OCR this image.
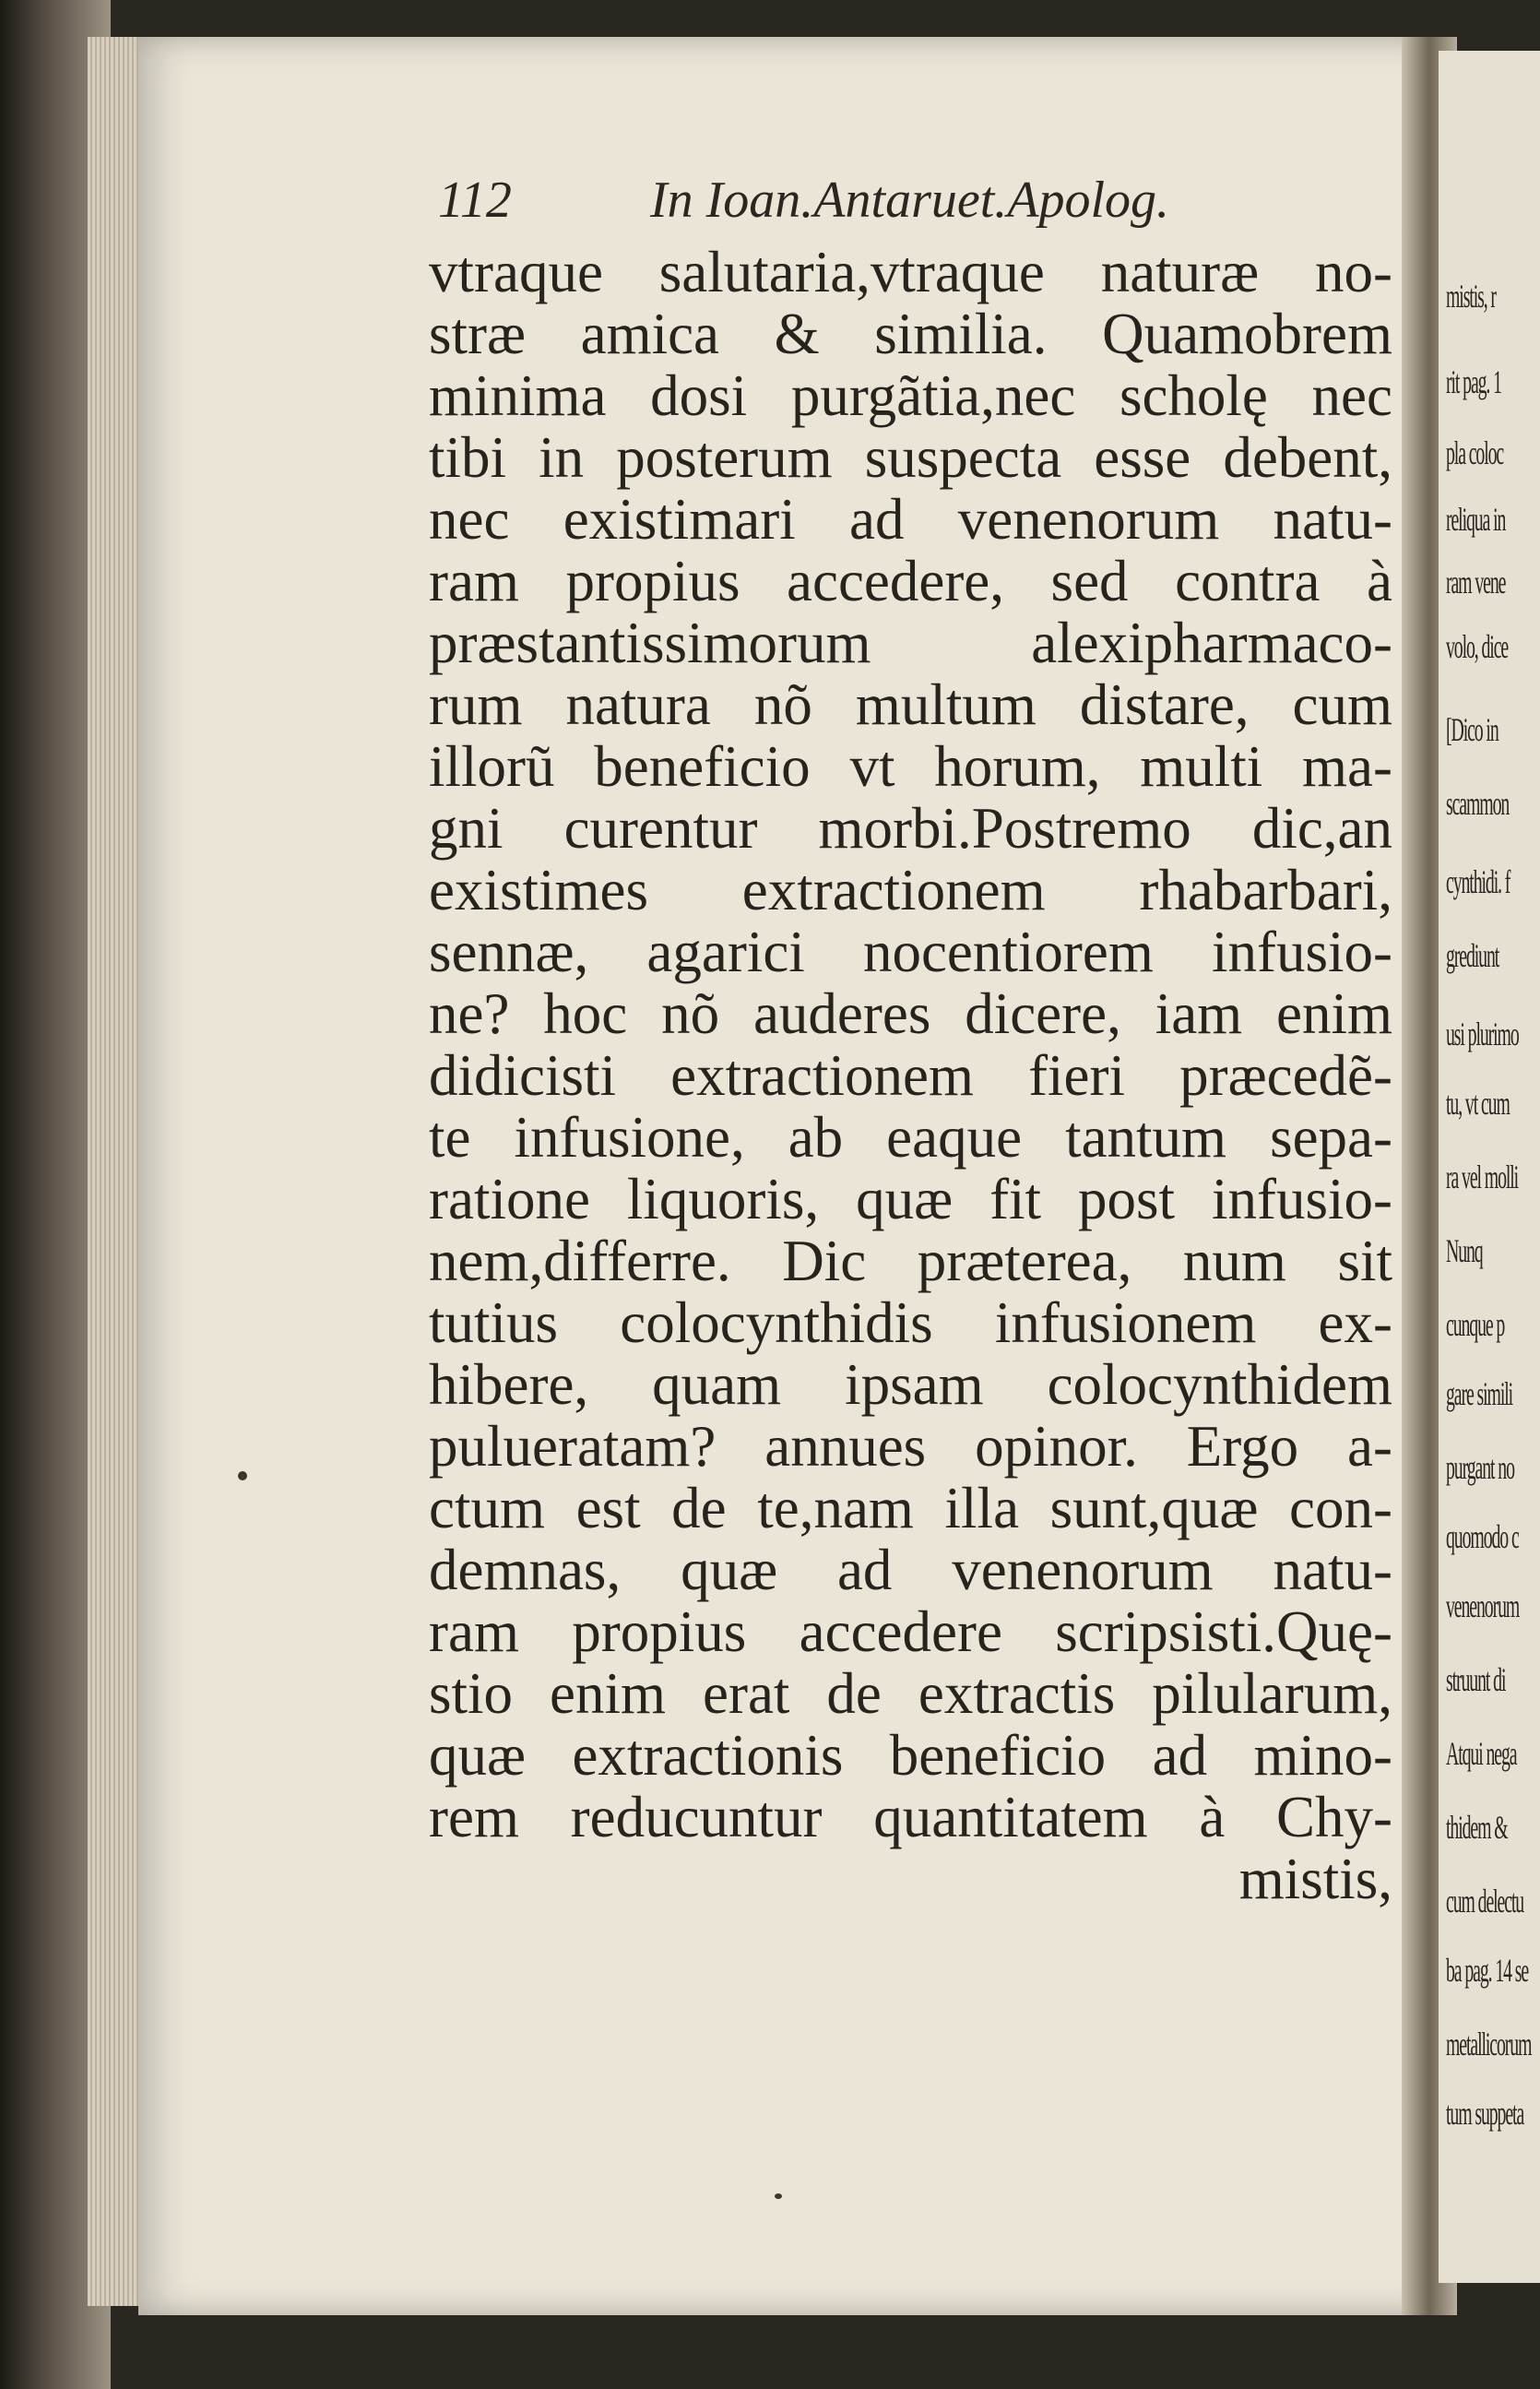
112	In Ioan.Antaruet.Apolog.
vtraque salutaria,vtraque naturæ no-
stræ amica & similia. Quamobrem
minima dosi purgãtia,nec scholę nec
tibi in posterum suspecta esse debent,
nec existimari ad venenorum natu-
ram propius accedere, sed contra à
præstantissimorum alexipharmaco-
rum natura nõ multum distare, cum
illorũ beneficio vt horum, multi ma-
gni curentur morbi.Postremo dic,an
existimes extractionem rhabarbari,
sennæ, agarici nocentiorem infusio-
ne? hoc nõ auderes dicere, iam enim
didicisti extractionem fieri præcedẽ-
te infusione, ab eaque tantum sepa-
ratione liquoris, quæ fit post infusio-
nem,differre. Dic præterea, num sit
tutius colocynthidis infusionem ex-
hibere, quam ipsam colocynthidem
pulueratam? annues opinor. Ergo a-
ctum est de te,nam illa sunt,quæ con-
demnas, quæ ad venenorum natu-
ram propius accedere scripsisti.Quę-
stio enim erat de extractis pilularum,
quæ extractionis beneficio ad mino-
rem reducuntur quantitatem à Chy-
mistis,
mistis, r
rit pag. 1
pla coloc
reliqua in
ram vene
volo, dice
[Dico in
scammon
cynthidi. f
grediunt
usi plurimo
tu, vt cum
ra vel molli
Nunq
cunque p
gare simili
purgant no
quomodo c
venenorum
struunt di
Atqui nega
thidem &
cum delectu
ba pag. 14 se
metallicorum
tum suppeta
